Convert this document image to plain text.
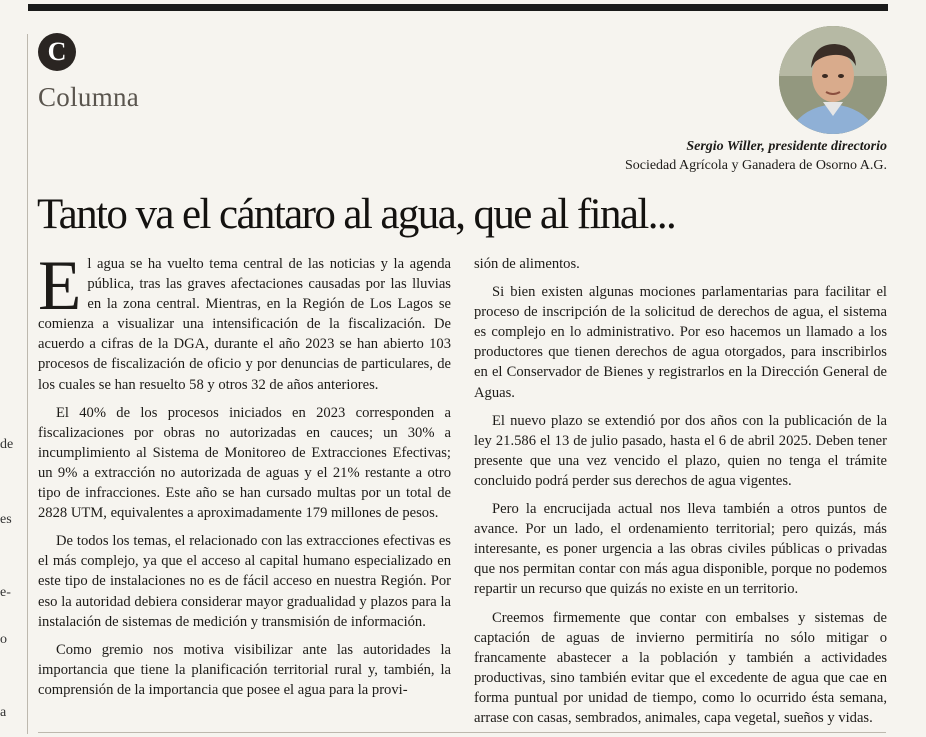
de
es
e-
o
a
C
Columna
Sergio Willer, presidente directorio
Sociedad Agrícola y Ganadera de Osorno A.G.
Tanto va el cántaro al agua, que al final...

El agua se ha vuelto tema central de las noticias y la agenda pública, tras las graves afectaciones causadas por las lluvias en la zona central. Mientras, en la Región de Los Lagos se comienza a visualizar una intensificación de la fiscalización. De acuerdo a cifras de la DGA, durante el año 2023 se han abierto 103 procesos de fiscalización de oficio y por denuncias de particulares, de los cuales se han resuelto 58 y otros 32 de años anteriores.

El 40% de los procesos iniciados en 2023 corresponden a fiscalizaciones por obras no autorizadas en cauces; un 30% a incumplimiento al Sistema de Monitoreo de Extracciones Efectivas; un 9% a extracción no autorizada de aguas y el 21% restante a otro tipo de infracciones. Este año se han cursado multas por un total de 2828 UTM, equivalentes a aproximadamente 179 millones de pesos.

De todos los temas, el relacionado con las extracciones efectivas es el más complejo, ya que el acceso al capital humano especializado en este tipo de instalaciones no es de fácil acceso en nuestra Región. Por eso la autoridad debiera considerar mayor gradualidad y plazos para la instalación de sistemas de medición y transmisión de información.

Como gremio nos motiva visibilizar ante las autoridades la importancia que tiene la planificación territorial rural y, también, la comprensión de la importancia que posee el agua para la provi-

sión de alimentos.

Si bien existen algunas mociones parlamentarias para facilitar el proceso de inscripción de la solicitud de derechos de agua, el sistema es complejo en lo administrativo. Por eso hacemos un llamado a los productores que tienen derechos de agua otorgados, para inscribirlos en el Conservador de Bienes y registrarlos en la Dirección General de Aguas.

El nuevo plazo se extendió por dos años con la publicación de la ley 21.586 el 13 de julio pasado, hasta el 6 de abril 2025. Deben tener presente que una vez vencido el plazo, quien no tenga el trámite concluido podrá perder sus derechos de agua vigentes.

Pero la encrucijada actual nos lleva también a otros puntos de avance. Por un lado, el ordenamiento territorial; pero quizás, más interesante, es poner urgencia a las obras civiles públicas o privadas que nos permitan contar con más agua disponible, porque no podemos repartir un recurso que quizás no existe en un territorio.

Creemos firmemente que contar con embalses y sistemas de captación de aguas de invierno permitiría no sólo mitigar o francamente abastecer a la población y también a actividades productivas, sino también evitar que el excedente de agua que cae en forma puntual por unidad de tiempo, como lo ocurrido ésta semana, arrase con casas, sembrados, animales, capa vegetal, sueños y vidas.
